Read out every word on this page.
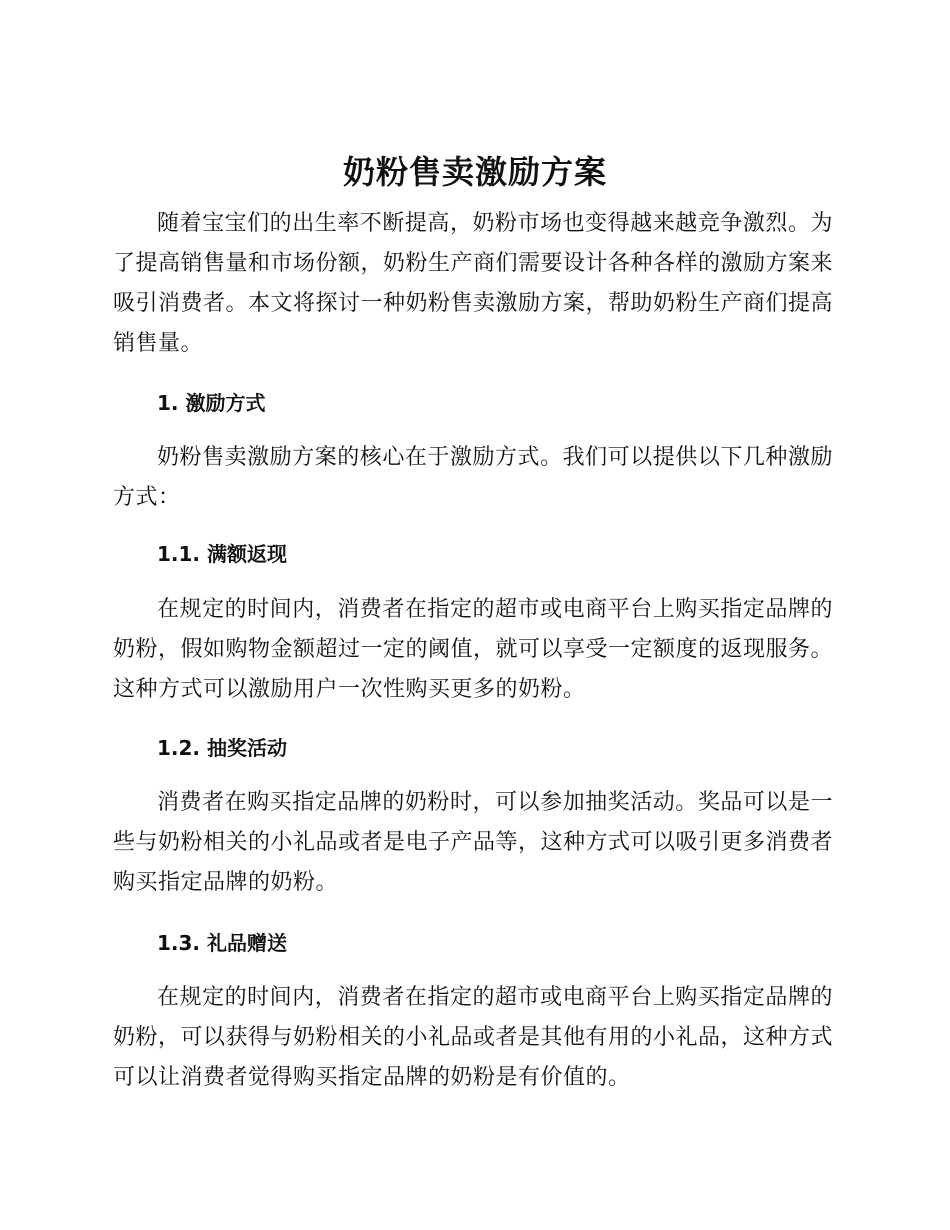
奶粉售卖激励方案

随着宝宝们的出生率不断提高，奶粉市场也变得越来越竞争激烈。为了提高销售量和市场份额，奶粉生产商们需要设计各种各样的激励方案来吸引消费者。本文将探讨一种奶粉售卖激励方案，帮助奶粉生产商们提高销售量。

1. 激励方式

奶粉售卖激励方案的核心在于激励方式。我们可以提供以下几种激励方式：

1.1. 满额返现

在规定的时间内，消费者在指定的超市或电商平台上购买指定品牌的奶粉，假如购物金额超过一定的阈值，就可以享受一定额度的返现服务。这种方式可以激励用户一次性购买更多的奶粉。

1.2. 抽奖活动

消费者在购买指定品牌的奶粉时，可以参加抽奖活动。奖品可以是一些与奶粉相关的小礼品或者是电子产品等，这种方式可以吸引更多消费者购买指定品牌的奶粉。

1.3. 礼品赠送

在规定的时间内，消费者在指定的超市或电商平台上购买指定品牌的奶粉，可以获得与奶粉相关的小礼品或者是其他有用的小礼品，这种方式可以让消费者觉得购买指定品牌的奶粉是有价值的。
